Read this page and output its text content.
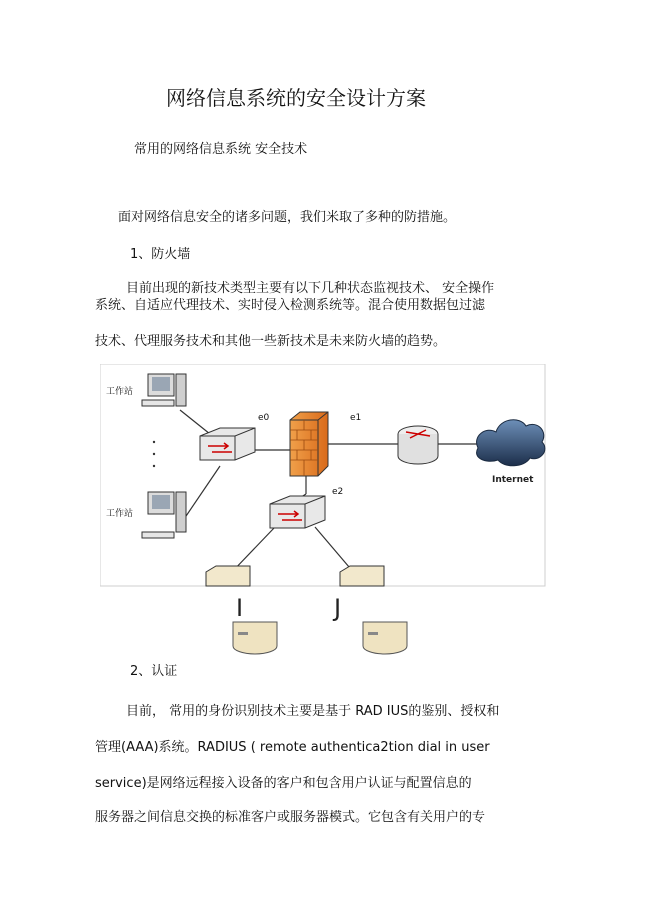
网络信息系统的安全设计方案
常用的网络信息系统 安全技术
面对网络信息安全的诸多问题，我们米取了多种的防措施。
1、防火墙
目前出现的新技术类型主要有以下几种状态监视技术、 安全操作
系统、自适应代理技术、实时侵入检测系统等。混合使用数据包过滤
技术、代理服务技术和其他一些新技术是未来防火墙的趋势。
工作站
工作站
e0	e1
e2
Internet
I	J
2、认证
目前， 常用的身份识别技术主要是基于 RAD IUS的鉴别、授权和
管理(AAA)系统。RADIUS ( remote authentica2tion dial in user
service)是网络远程接入设备的客户和包含用户认证与配置信息的
服务器之间信息交换的标准客户或服务器模式。它包含有关用户的专
